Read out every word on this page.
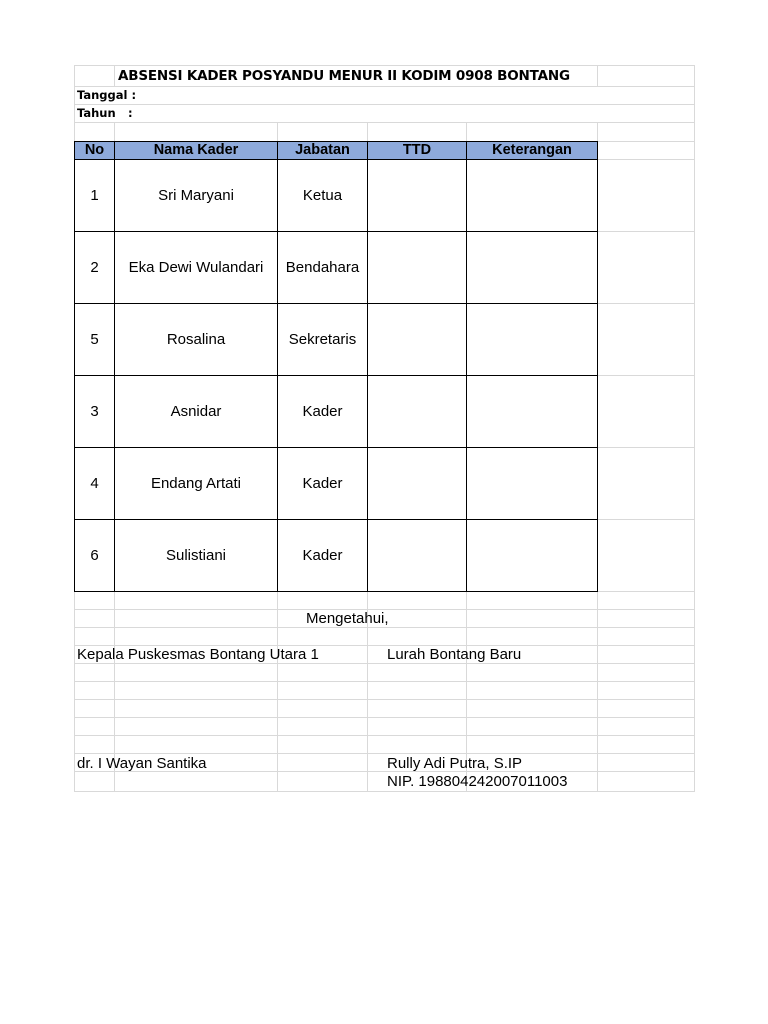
ABSENSI KADER POSYANDU MENUR II KODIM 0908 BONTANG
Tanggal :
Tahun :
No	Nama Kader	Jabatan	TTD	Keterangan
1	Sri Maryani	Ketua		
2	Eka Dewi Wulandari	Bendahara		
5	Rosalina	Sekretaris		
3	Asnidar	Kader		
4	Endang Artati	Kader		
6	Sulistiani	Kader		
Mengetahui,
Kepala Puskesmas Bontang Utara 1	Lurah Bontang Baru
dr. I Wayan Santika	Rully Adi Putra, S.IP
NIP. 198804242007011003
